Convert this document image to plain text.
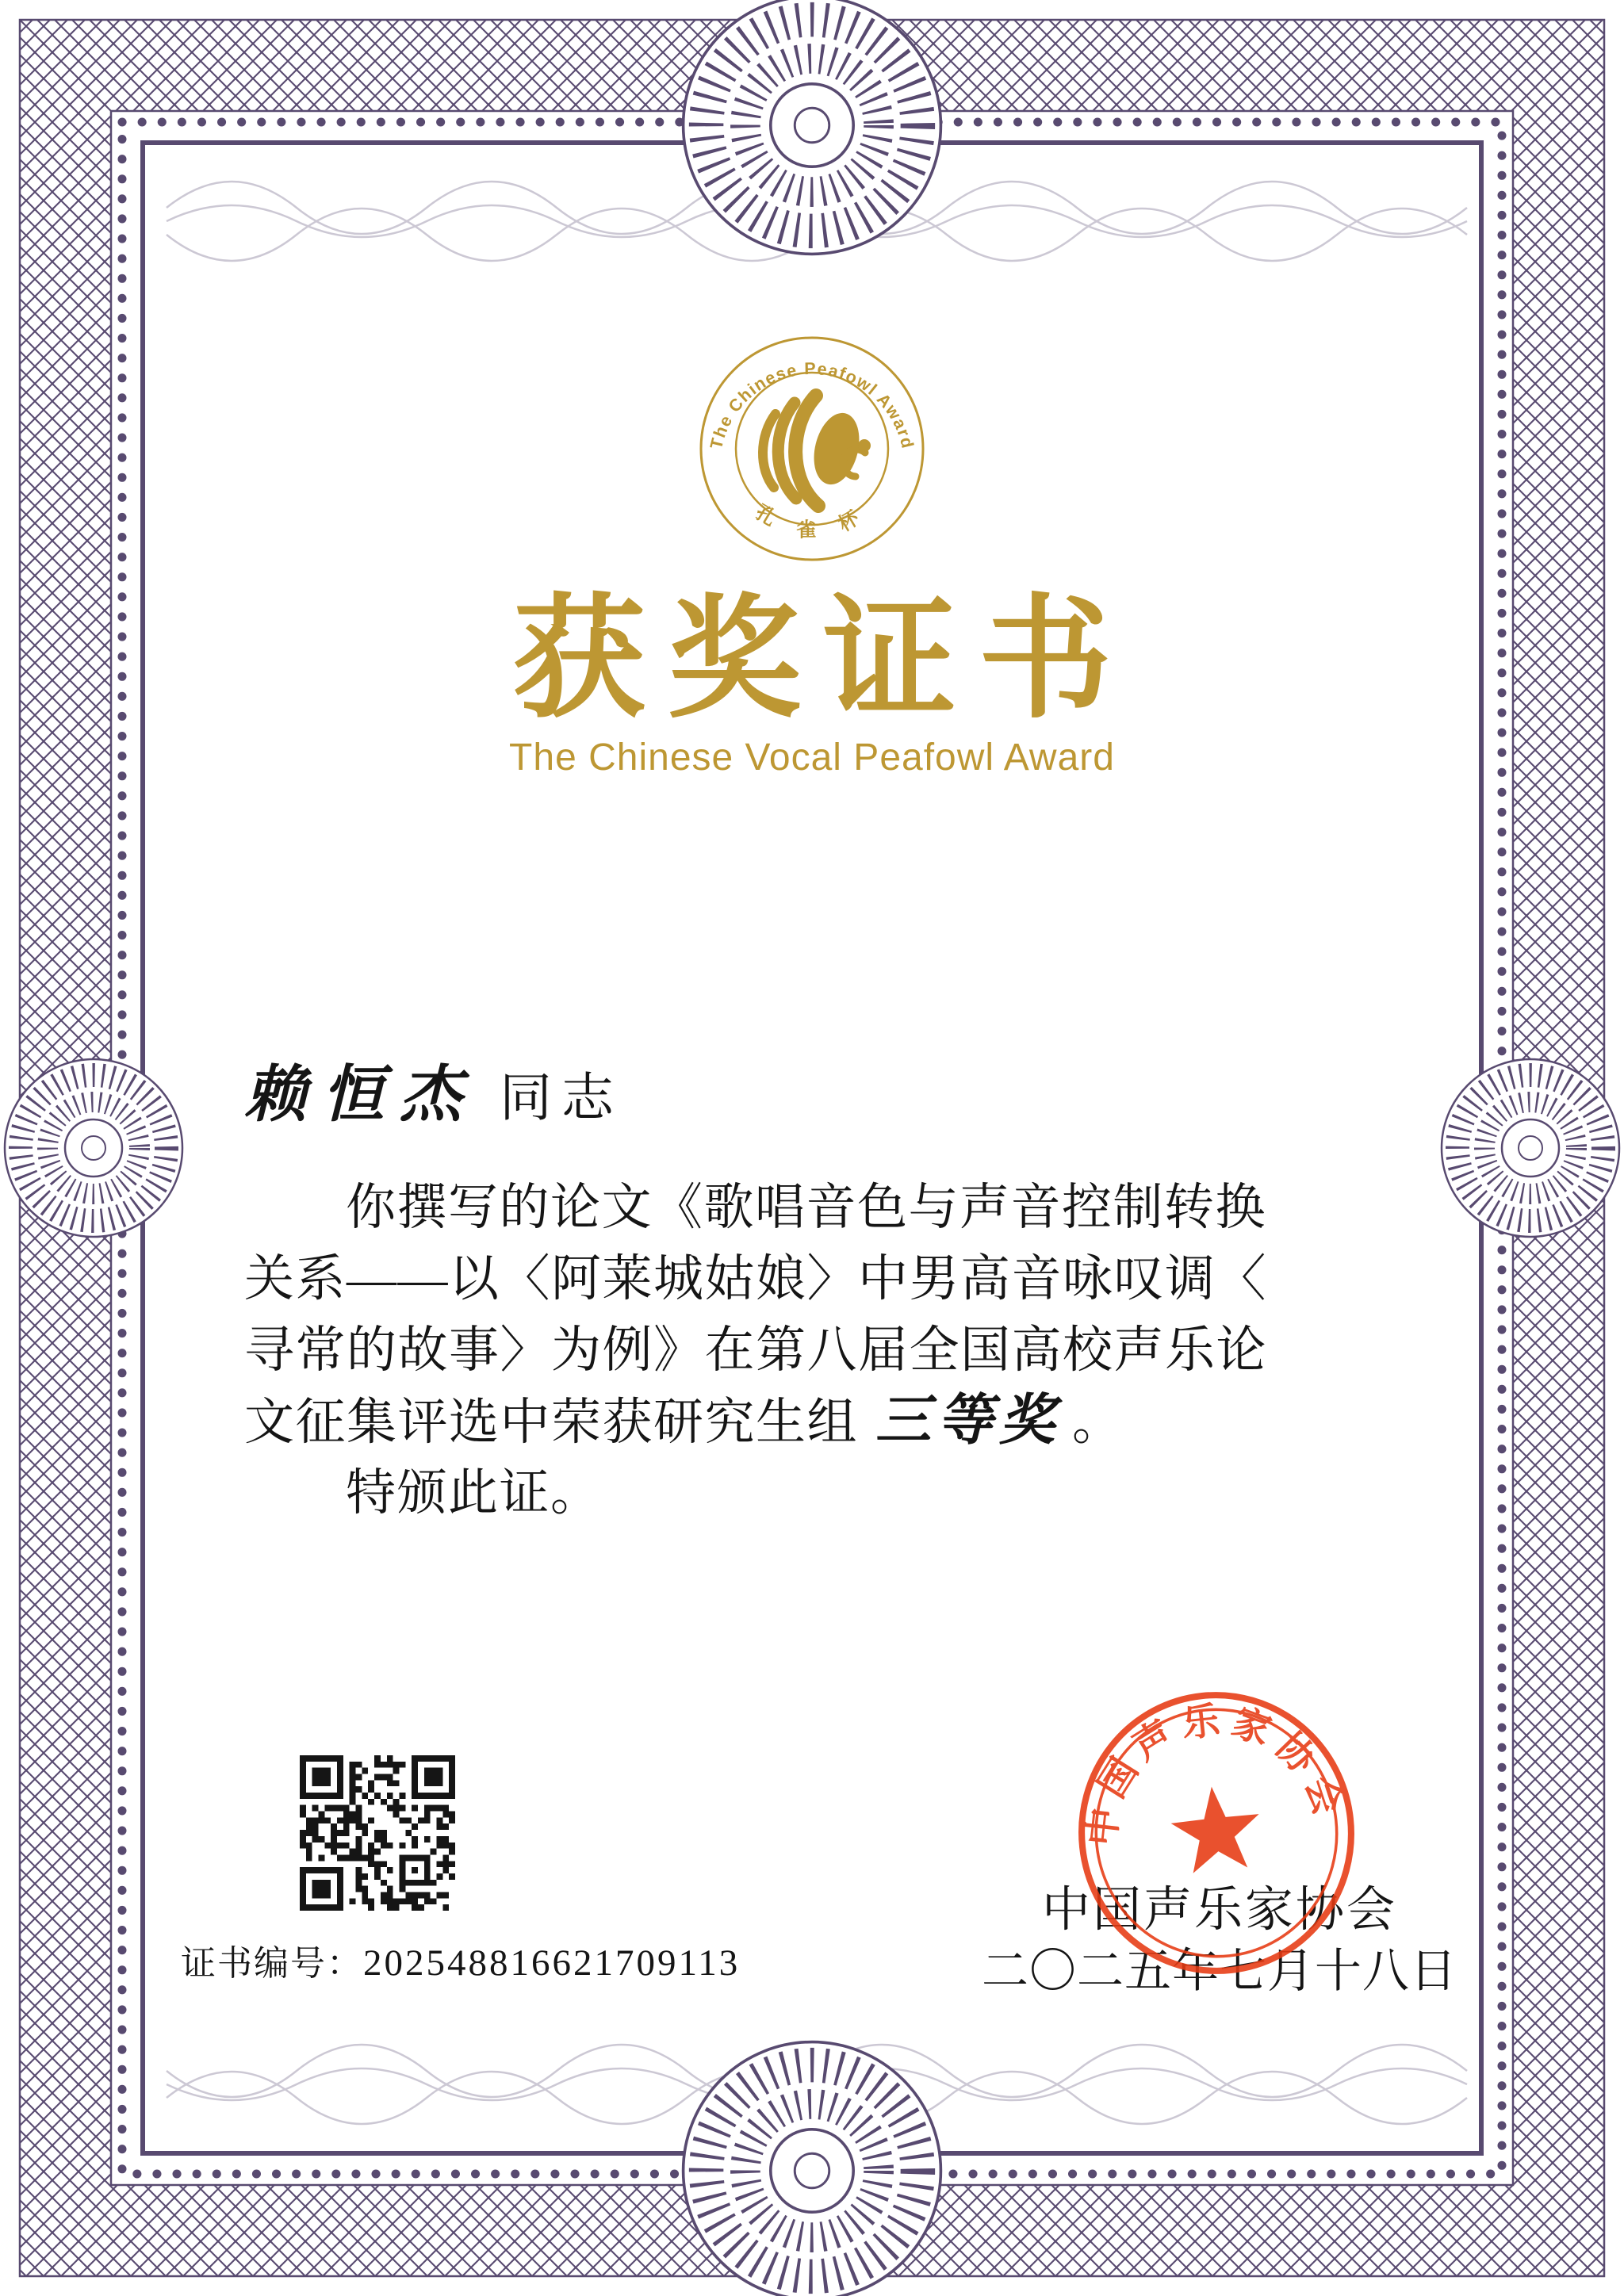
The Chinese Peafowl Award
孔 雀 杯
获奖证书
The Chinese Vocal Peafowl Award
赖恒杰 同志
你撰写的论文《歌唱音色与声音控制转换
关系——以〈阿莱城姑娘〉中男高音咏叹调〈
寻常的故事〉为例》在第八届全国高校声乐论
文征集评选中荣获研究生组 三等奖 。
特颁此证。
证书编号：202548816621709113
中国声乐家协会
二〇二五年七月十八日
中国声乐家协会
